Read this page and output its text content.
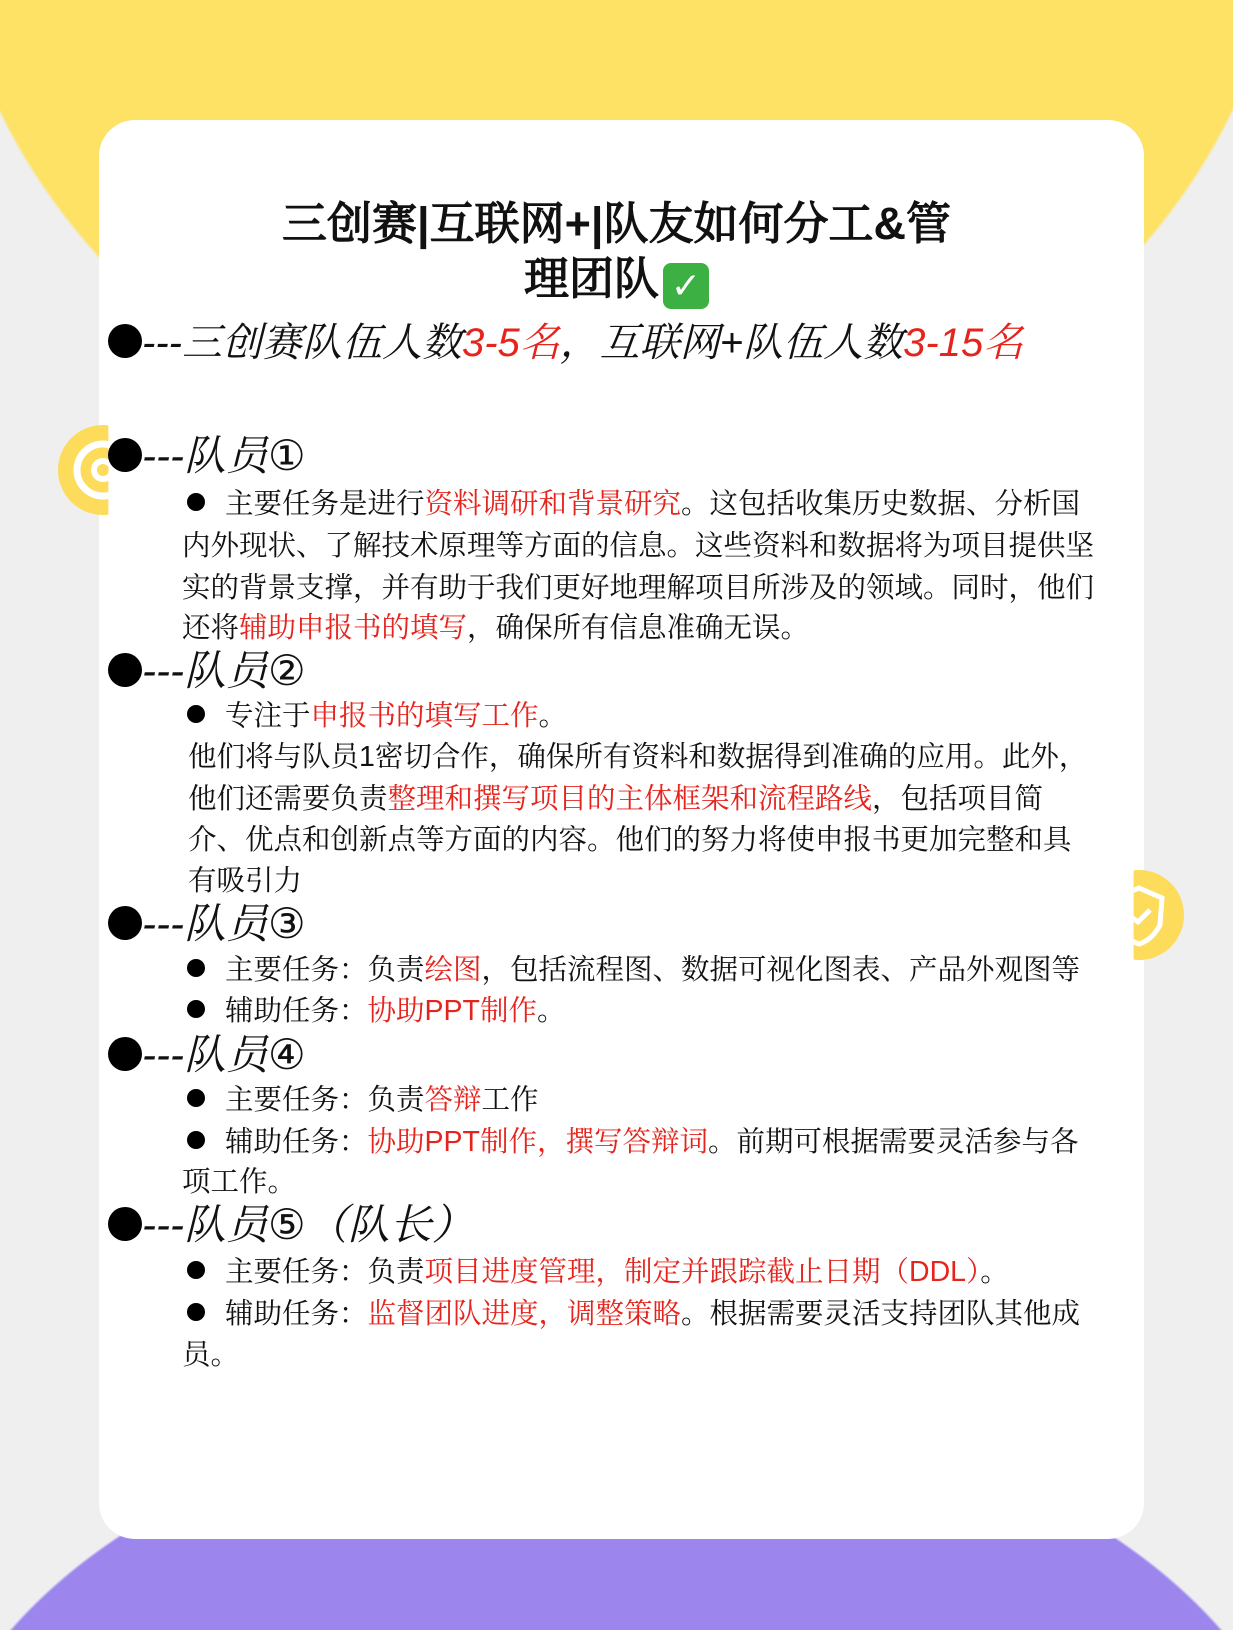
三创赛|互联网+|队友如何分工&管
理团队 ✓
---三创赛队伍人数3-5名，互联网+队伍人数3-15名
---队员①
主要任务是进行资料调研和背景研究。这包括收集历史数据、分析国
内外现状、了解技术原理等方面的信息。这些资料和数据将为项目提供坚
实的背景支撑，并有助于我们更好地理解项目所涉及的领域。同时，他们
还将辅助申报书的填写，确保所有信息准确无误。
---队员②
专注于申报书的填写工作。
他们将与队员1密切合作，确保所有资料和数据得到准确的应用。此外，
他们还需要负责整理和撰写项目的主体框架和流程路线，包括项目简
介、优点和创新点等方面的内容。他们的努力将使申报书更加完整和具
有吸引力
---队员③
主要任务：负责绘图，包括流程图、数据可视化图表、产品外观图等
辅助任务：协助PPT制作。
---队员④
主要任务：负责答辩工作
辅助任务：协助PPT制作，撰写答辩词。前期可根据需要灵活参与各
项工作。
---队员⑤（队长）
主要任务：负责项目进度管理，制定并跟踪截止日期（DDL）。
辅助任务：监督团队进度，调整策略。根据需要灵活支持团队其他成
员。
